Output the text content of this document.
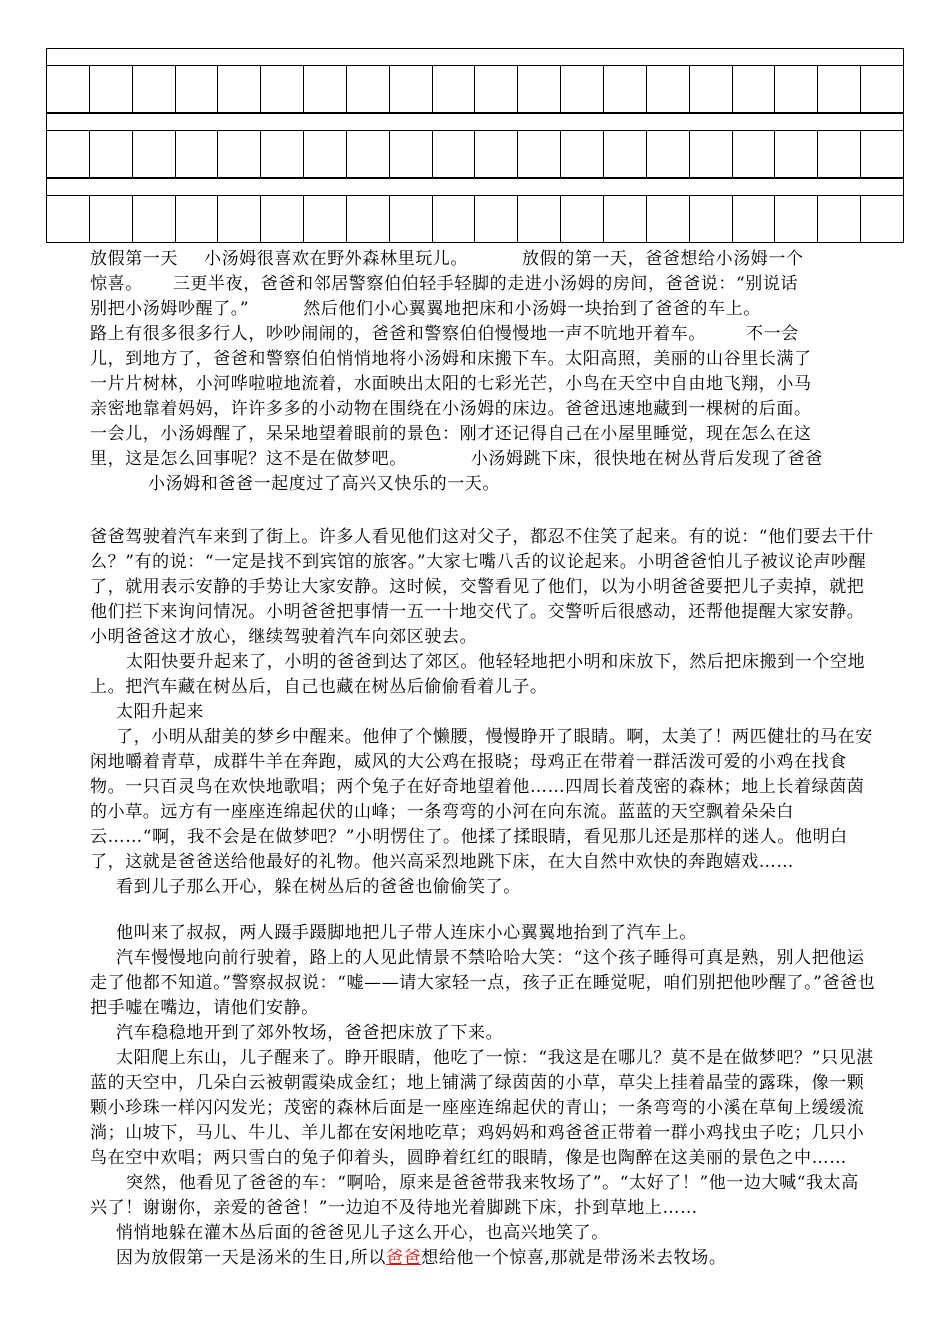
放假第一天 小汤姆很喜欢在野外森林里玩儿。	放假的第一天，爸爸想给小汤姆一个

惊喜。 三更半夜，爸爸和邻居警察伯伯轻手轻脚的走进小汤姆的房间，爸爸说：“别说话

别把小汤姆吵醒了。”	然后他们小心翼翼地把床和小汤姆一块抬到了爸爸的车上。

路上有很多很多行人，吵吵闹闹的，爸爸和警察伯伯慢慢地一声不吭地开着车。 不一会

儿，到地方了，爸爸和警察伯伯悄悄地将小汤姆和床搬下车。太阳高照，美丽的山谷里长满了

一片片树林，小河哗啦啦地流着，水面映出太阳的七彩光芒，小鸟在天空中自由地飞翔，小马

亲密地靠着妈妈，许许多多的小动物在围绕在小汤姆的床边。爸爸迅速地藏到一棵树的后面。

一会儿，小汤姆醒了，呆呆地望着眼前的景色：刚才还记得自己在小屋里睡觉，现在怎么在这

里，这是怎么回事呢？这不是在做梦吧。	小汤姆跳下床，很快地在树丛背后发现了爸爸

小汤姆和爸爸一起度过了高兴又快乐的一天。

爸爸驾驶着汽车来到了街上。许多人看见他们这对父子，都忍不住笑了起来。有的说：“他们要去干什么？”有的说：“一定是找不到宾馆的旅客。”大家七嘴八舌的议论起来。小明爸爸怕儿子被议论声吵醒了，就用表示安静的手势让大家安静。这时候，交警看见了他们，以为小明爸爸要把儿子卖掉，就把他们拦下来询问情况。小明爸爸把事情一五一十地交代了。交警听后很感动，还帮他提醒大家安静。小明爸爸这才放心，继续驾驶着汽车向郊区驶去。

太阳快要升起来了，小明的爸爸到达了郊区。他轻轻地把小明和床放下，然后把床搬到一个空地上。把汽车藏在树丛后，自己也藏在树丛后偷偷看着儿子。

太阳升起来

了，小明从甜美的梦乡中醒来。他伸了个懒腰，慢慢睁开了眼睛。啊，太美了！两匹健壮的马在安闲地嚼着青草，成群牛羊在奔跑，威风的大公鸡在报晓；母鸡正在带着一群活泼可爱的小鸡在找食物。一只百灵鸟在欢快地歌唱；两个兔子在好奇地望着他……四周长着茂密的森林；地上长着绿茵茵的小草。远方有一座座连绵起伏的山峰；一条弯弯的小河在向东流。蓝蓝的天空飘着朵朵白云……“啊，我不会是在做梦吧？”小明愣住了。他揉了揉眼睛，看见那儿还是那样的迷人。他明白了，这就是爸爸送给他最好的礼物。他兴高采烈地跳下床，在大自然中欢快的奔跑嬉戏……

看到儿子那么开心，躲在树丛后的爸爸也偷偷笑了。

他叫来了叔叔，两人蹑手蹑脚地把儿子带人连床小心翼翼地抬到了汽车上。

汽车慢慢地向前行驶着，路上的人见此情景不禁哈哈大笑：“这个孩子睡得可真是熟，别人把他运走了他都不知道。”警察叔叔说：“嘘——请大家轻一点，孩子正在睡觉呢，咱们别把他吵醒了。”爸爸也把手嘘在嘴边，请他们安静。

汽车稳稳地开到了郊外牧场，爸爸把床放了下来。

太阳爬上东山，儿子醒来了。睁开眼睛，他吃了一惊：“我这是在哪儿？莫不是在做梦吧？”只见湛蓝的天空中，几朵白云被朝霞染成金红；地上铺满了绿茵茵的小草，草尖上挂着晶莹的露珠，像一颗颗小珍珠一样闪闪发光；茂密的森林后面是一座座连绵起伏的青山；一条弯弯的小溪在草甸上缓缓流淌；山坡下，马儿、牛儿、羊儿都在安闲地吃草；鸡妈妈和鸡爸爸正带着一群小鸡找虫子吃；几只小鸟在空中欢唱；两只雪白的兔子仰着头，圆睁着红红的眼睛，像是也陶醉在这美丽的景色之中……

突然，他看见了爸爸的车：“啊哈，原来是爸爸带我来牧场了”。“太好了！”他一边大喊“我太高兴了！谢谢你，亲爱的爸爸！”一边迫不及待地光着脚跳下床，扑到草地上……

悄悄地躲在灌木丛后面的爸爸见儿子这么开心，也高兴地笑了。

因为放假第一天是汤米的生日,所以爸爸想给他一个惊喜,那就是带汤米去牧场。
